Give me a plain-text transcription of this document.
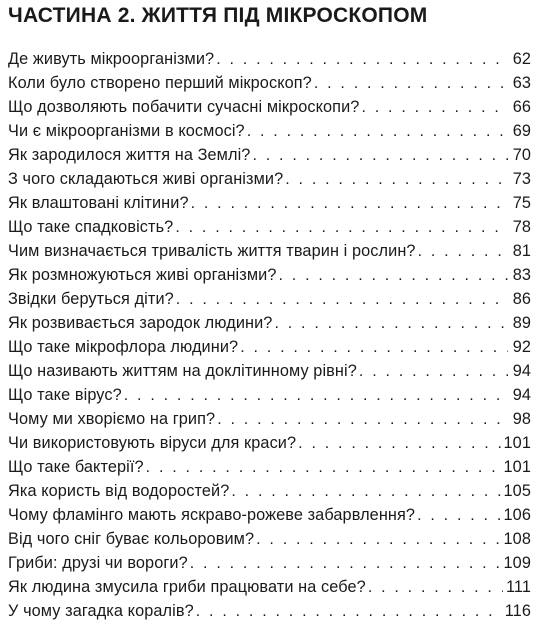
ЧАСТИНА 2. ЖИТТЯ ПІД МІКРОСКОПОМ
Де живуть мікроорганізми? . . .	62
Коли було створено перший мікроскоп? . . .	63
Що дозволяють побачити сучасні мікроскопи? . . .	66
Чи є мікроорганізми в космосі? . . .	69
Як зародилося життя на Землі? . . .	70
З чого складаються живі організми? . . .	73
Як влаштовані клітини? . . .	75
Що таке спадковість? . . .	78
Чим визначається тривалість життя тварин і рослин? . . .	81
Як розмножуються живі організми? . . .	83
Звідки беруться діти? . . .	86
Як розвивається зародок людини? . . .	89
Що таке мікрофлора людини? . . .	92
Що називають життям на доклітинному рівні? . . .	94
Що таке вірус? . . .	94
Чому ми хворіємо на грип? . . .	98
Чи використовують віруси для краси? . . .	101
Що таке бактерії? . . .	101
Яка користь від водоростей? . . .	105
Чому фламінго мають яскраво-рожеве забарвлення? . . .	106
Від чого сніг буває кольоровим? . . .	108
Гриби: друзі чи вороги? . . .	109
Як людина змусила гриби працювати на себе? . . .	111
У чому загадка коралів? . . .	116
